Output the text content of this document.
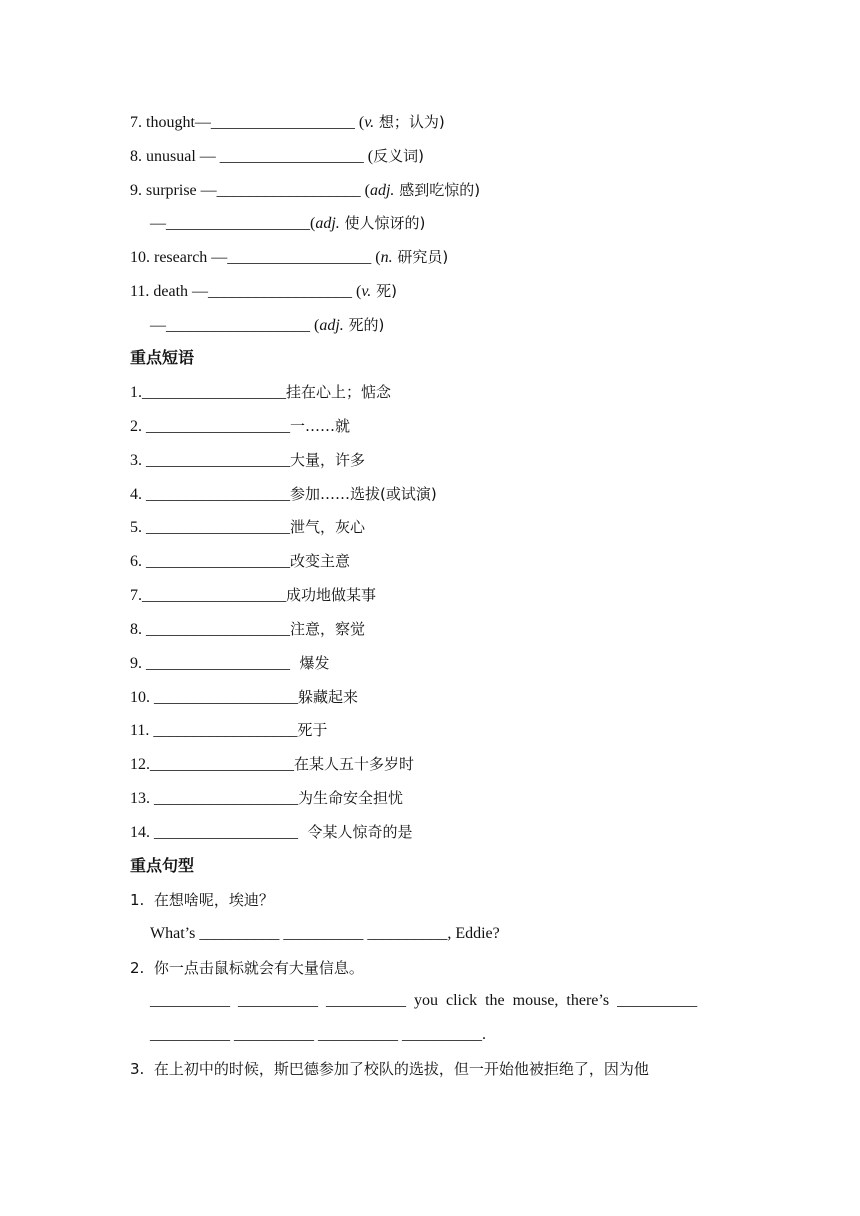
7. thought—__________________ (v. 想；认为)
8. unusual — __________________ (反义词)
9. surprise —__________________ (adj. 感到吃惊的)
—__________________(adj. 使人惊讶的)
10. research —__________________ (n. 研究员)
11. death —__________________ (v. 死)
—__________________ (adj. 死的)
重点短语
1.__________________挂在心上；惦念
2. __________________一……就
3. __________________大量，许多
4. __________________参加……选拔(或试演)
5. __________________泄气，灰心
6. __________________改变主意
7.__________________成功地做某事
8. __________________注意，察觉
9. __________________  爆发
10. __________________躲藏起来
11. __________________死于
12.__________________在某人五十多岁时
13. __________________为生命安全担忧
14. __________________  令某人惊奇的是
重点句型
1.  在想啥呢，埃迪？
What’s __________ __________ __________, Eddie?
2.  你一点击鼠标就会有大量信息。
__________  __________  __________  you  click  the  mouse,  there’s  __________
__________ __________ __________ __________.
3.  在上初中的时候，斯巴德参加了校队的选拔，但一开始他被拒绝了，因为他
